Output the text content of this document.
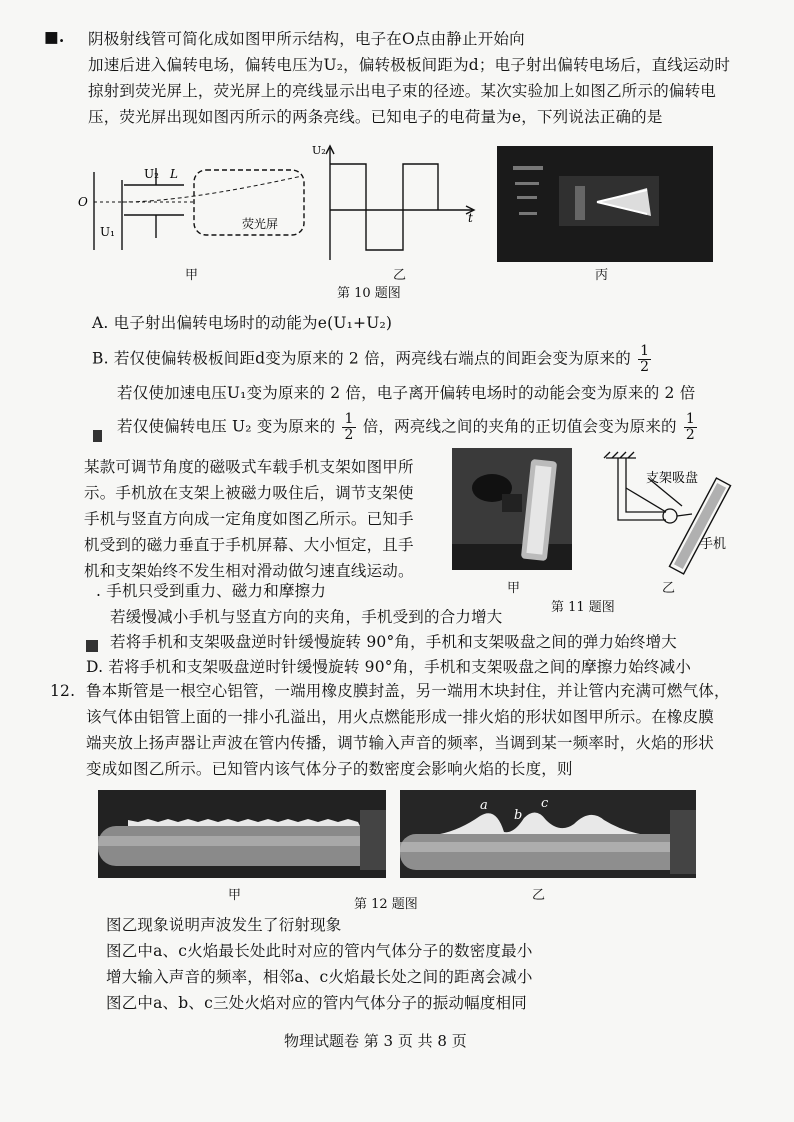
■. 阴极射线管可简化成如图甲所示结构，电子在O点由静止开始向
加速后进入偏转电场，偏转电压为U₂，偏转极板间距为d；电子射出偏转电场后，直线运动时
掠射到荧光屏上，荧光屏上的亮线显示出电子束的径迹。某次实验加上如图乙所示的偏转电
压，荧光屏出现如图丙所示的两条亮线。已知电子的电荷量为e，下列说法正确的是
U₂ L
O
U₁
荧光屏
甲
U₂
t
乙	丙
第 10 题图
A. 电子射出偏转电场时的动能为e(U₁+U₂)
B. 若仅使偏转极板间距d变为原来的 2 倍，两亮线右端点的间距会变为原来的 $\frac{1}{2}$
若仅使加速电压U₁变为原来的 2 倍，电子离开偏转电场时的动能会变为原来的 2 倍
若仅使偏转电压 U₂ 变为原来的 $\frac{1}{2}$ 倍，两亮线之间的夹角的正切值会变为原来的 $\frac{1}{2}$
某款可调节角度的磁吸式车载手机支架如图甲所
示。手机放在支架上被磁力吸住后，调节支架使
手机与竖直方向成一定角度如图乙所示。已知手
机受到的磁力垂直于手机屏幕、大小恒定，且手
机和支架始终不发生相对滑动做匀速直线运动。
甲
支架吸盘
手机
乙
第 11 题图
. 手机只受到重力、磁力和摩擦力
若缓慢减小手机与竖直方向的夹角，手机受到的合力增大
若将手机和支架吸盘逆时针缓慢旋转 90°角，手机和支架吸盘之间的弹力始终增大
D. 若将手机和支架吸盘逆时针缓慢旋转 90°角，手机和支架吸盘之间的摩擦力始终减小
12. 鲁本斯管是一根空心铝管，一端用橡皮膜封盖，另一端用木块封住，并让管内充满可燃气体，
该气体由铝管上面的一排小孔溢出，用火点燃能形成一排火焰的形状如图甲所示。在橡皮膜
端夹放上扬声器让声波在管内传播，调节输入声音的频率，当调到某一频率时，火焰的形状
变成如图乙所示。已知管内该气体分子的数密度会影响火焰的长度，则
甲
a
b
c
乙
第 12 题图
图乙现象说明声波发生了衍射现象
图乙中a、c火焰最长处此时对应的管内气体分子的数密度最小
增大输入声音的频率，相邻a、c火焰最长处之间的距离会减小
图乙中a、b、c三处火焰对应的管内气体分子的振动幅度相同
物理试题卷 第 3 页 共 8 页
